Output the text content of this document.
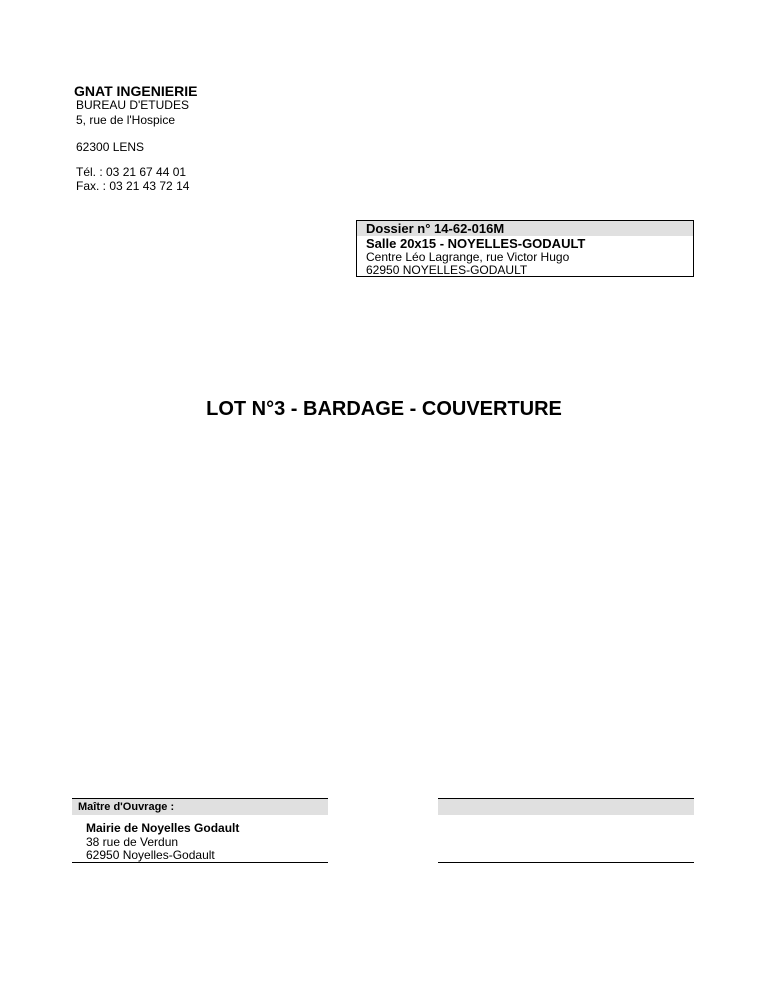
GNAT INGENIERIE
BUREAU D'ETUDES
5, rue de l'Hospice
62300 LENS
Tél. : 03 21 67 44 01
Fax. : 03 21 43 72 14
Dossier n° 14-62-016M
Salle 20x15 - NOYELLES-GODAULT
Centre Léo Lagrange, rue Victor Hugo
62950 NOYELLES-GODAULT
LOT N°3 - BARDAGE - COUVERTURE
Maître d'Ouvrage :
Mairie de Noyelles Godault
38 rue de Verdun
62950 Noyelles-Godault
